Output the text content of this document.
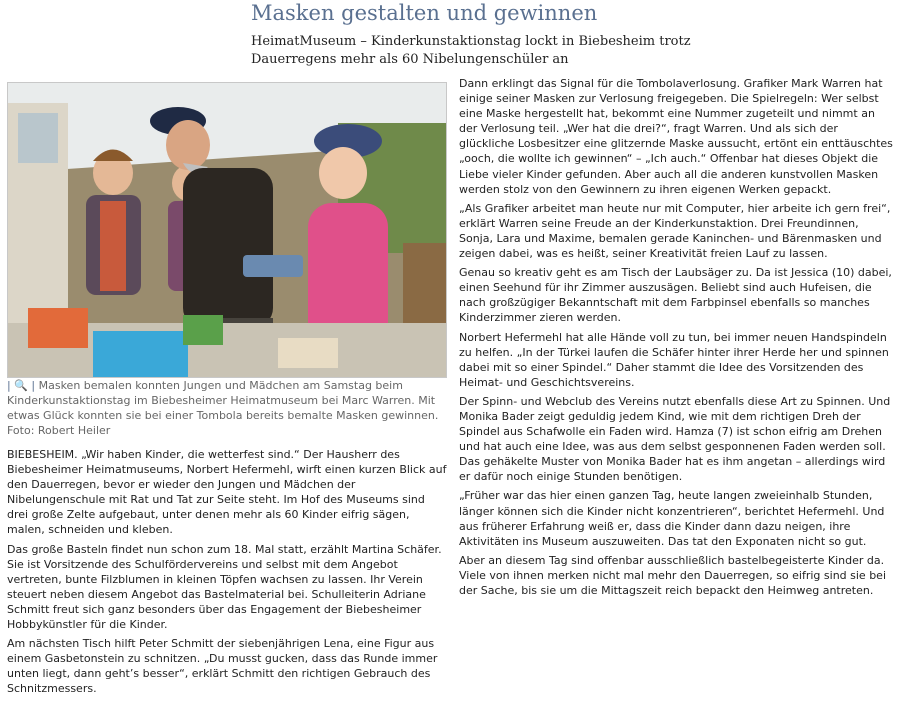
Masken gestalten und gewinnen

HeimatMuseum – Kinderkunstaktionstag lockt in Biebesheim trotz Dauerregens mehr als 60 Nibelungenschüler an

| 🔍 | Masken bemalen konnten Jungen und Mädchen am Samstag beim Kinderkunstaktionstag im Biebesheimer Heimatmuseum bei Marc Warren. Mit etwas Glück konnten sie bei einer Tombola bereits bemalte Masken gewinnen. Foto: Robert Heiler

BIEBESHEIM. „Wir haben Kinder, die wetterfest sind.“ Der Hausherr des Biebesheimer Heimatmuseums, Norbert Hefermehl, wirft einen kurzen Blick auf den Dauerregen, bevor er wieder den Jungen und Mädchen der Nibelungenschule mit Rat und Tat zur Seite steht. Im Hof des Museums sind drei große Zelte aufgebaut, unter denen mehr als 60 Kinder eifrig sägen, malen, schneiden und kleben.

Das große Basteln findet nun schon zum 18. Mal statt, erzählt Martina Schäfer. Sie ist Vorsitzende des Schulfördervereins und selbst mit dem Angebot vertreten, bunte Filzblumen in kleinen Töpfen wachsen zu lassen. Ihr Verein steuert neben diesem Angebot das Bastelmaterial bei. Schulleiterin Adriane Schmitt freut sich ganz besonders über das Engagement der Biebesheimer Hobbykünstler für die Kinder.

Am nächsten Tisch hilft Peter Schmitt der siebenjährigen Lena, eine Figur aus einem Gasbetonstein zu schnitzen. „Du musst gucken, dass das Runde immer unten liegt, dann geht’s besser“, erklärt Schmitt den richtigen Gebrauch des Schnitzmessers.

Dann erklingt das Signal für die Tombolaverlosung. Grafiker Mark Warren hat einige seiner Masken zur Verlosung freigegeben. Die Spielregeln: Wer selbst eine Maske hergestellt hat, bekommt eine Nummer zugeteilt und nimmt an der Verlosung teil. „Wer hat die drei?“, fragt Warren. Und als sich der glückliche Losbesitzer eine glitzernde Maske aussucht, ertönt ein enttäuschtes „ooch, die wollte ich gewinnen“ – „Ich auch.“ Offenbar hat dieses Objekt die Liebe vieler Kinder gefunden. Aber auch all die anderen kunstvollen Masken werden stolz von den Gewinnern zu ihren eigenen Werken gepackt.

„Als Grafiker arbeitet man heute nur mit Computer, hier arbeite ich gern frei“, erklärt Warren seine Freude an der Kinderkunstaktion. Drei Freundinnen, Sonja, Lara und Maxime, bemalen gerade Kaninchen- und Bärenmasken und zeigen dabei, was es heißt, seiner Kreativität freien Lauf zu lassen.

Genau so kreativ geht es am Tisch der Laubsäger zu. Da ist Jessica (10) dabei, einen Seehund für ihr Zimmer auszusägen. Beliebt sind auch Hufeisen, die nach großzügiger Bekanntschaft mit dem Farbpinsel ebenfalls so manches Kinderzimmer zieren werden.

Norbert Hefermehl hat alle Hände voll zu tun, bei immer neuen Handspindeln zu helfen. „In der Türkei laufen die Schäfer hinter ihrer Herde her und spinnen dabei mit so einer Spindel.“ Daher stammt die Idee des Vorsitzenden des Heimat- und Geschichtsvereins.

Der Spinn- und Webclub des Vereins nutzt ebenfalls diese Art zu Spinnen. Und Monika Bader zeigt geduldig jedem Kind, wie mit dem richtigen Dreh der Spindel aus Schafwolle ein Faden wird. Hamza (7) ist schon eifrig am Drehen und hat auch eine Idee, was aus dem selbst gesponnenen Faden werden soll. Das gehäkelte Muster von Monika Bader hat es ihm angetan – allerdings wird er dafür noch einige Stunden benötigen.

„Früher war das hier einen ganzen Tag, heute langen zweieinhalb Stunden, länger können sich die Kinder nicht konzentrieren“, berichtet Hefermehl. Und aus früherer Erfahrung weiß er, dass die Kinder dann dazu neigen, ihre Aktivitäten ins Museum auszuweiten. Das tat den Exponaten nicht so gut.

Aber an diesem Tag sind offenbar ausschließlich bastelbegeisterte Kinder da. Viele von ihnen merken nicht mal mehr den Dauerregen, so eifrig sind sie bei der Sache, bis sie um die Mittagszeit reich bepackt den Heimweg antreten.
